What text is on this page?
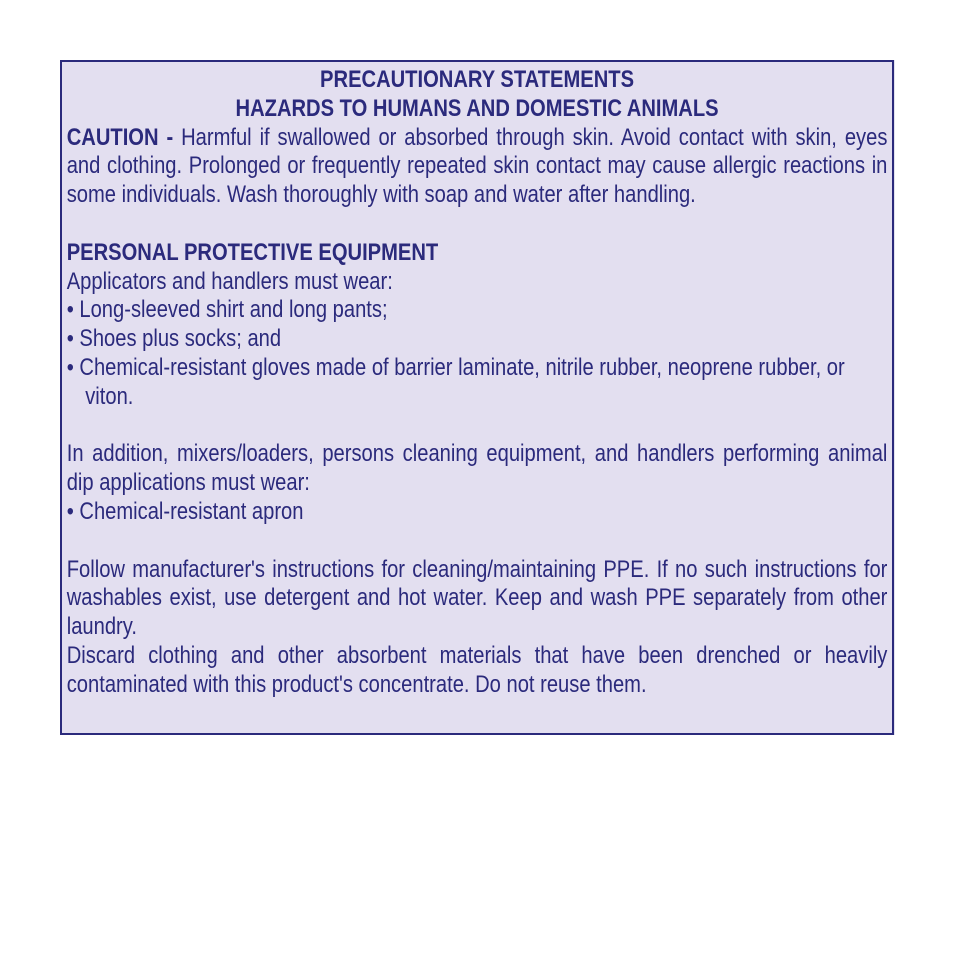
PRECAUTIONARY STATEMENTS

HAZARDS TO HUMANS AND DOMESTIC ANIMALS

CAUTION - Harmful if swallowed or absorbed through skin. Avoid contact with skin, eyes and clothing. Prolonged or frequently repeated skin contact may cause allergic reactions in some individuals. Wash thoroughly with soap and water after handling.

PERSONAL PROTECTIVE EQUIPMENT

Applicators and handlers must wear:

• Long-sleeved shirt and long pants;

• Shoes plus socks; and

• Chemical-resistant gloves made of barrier laminate, nitrile rubber, neoprene rubber, or viton.

In addition, mixers/loaders, persons cleaning equipment, and handlers performing animal dip applications must wear:

• Chemical-resistant apron

Follow manufacturer's instructions for cleaning/maintaining PPE. If no such instructions for washables exist, use detergent and hot water. Keep and wash PPE separately from other laundry.

Discard clothing and other absorbent materials that have been drenched or heavily contaminated with this product's concentrate. Do not reuse them.
